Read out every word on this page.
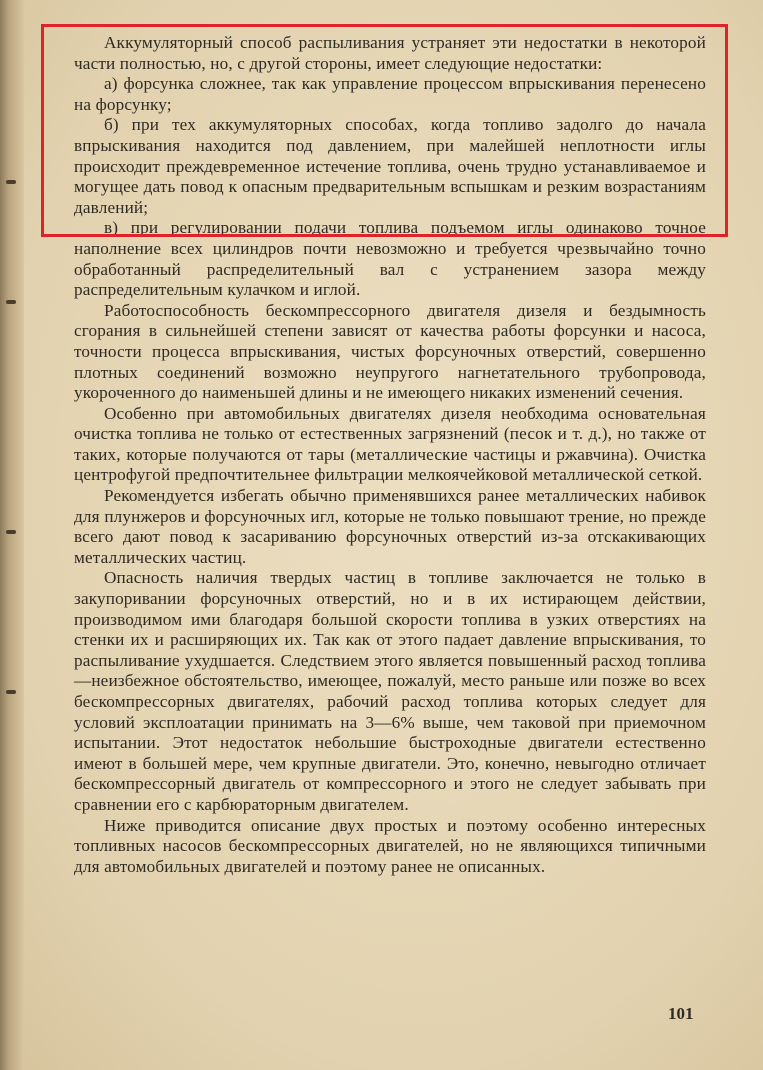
Аккумуляторный способ распыливания устраняет эти недостатки в некоторой части полностью, но, с другой стороны, имеет следующие недостатки:

а) форсунка сложнее, так как управление процессом впрыскивания перенесено на форсунку;

б) при тех аккумуляторных способах, когда топливо задолго до начала впрыскивания находится под давлением, при малейшей неплотности иглы происходит преждевременное истечение топлива, очень трудно устанавливаемое и могущее дать повод к опасным предварительным вспышкам и резким возрастаниям давлений;

в) при регулировании подачи топлива подъемом иглы одинаково точное наполнение всех цилиндров почти невозможно и требуется чрезвычайно точно обработанный распределительный вал с устранением зазора между распределительным кулачком и иглой.

Работоспособность бескомпрессорного двигателя дизеля и бездымность сгорания в сильнейшей степени зависят от качества работы форсунки и насоса, точности процесса впрыскивания, чистых форсуночных отверстий, совершенно плотных соединений возможно неупругого нагнетательного трубопровода, укороченного до наименьшей длины и не имеющего никаких изменений сечения.

Особенно при автомобильных двигателях дизеля необходима основательная очистка топлива не только от естественных загрязнений (песок и т. д.), но также от таких, которые получаются от тары (металлические частицы и ржавчина). Очистка центрофугой предпочтительнее фильтрации мелкоячейковой металлической сеткой.

Рекомендуется избегать обычно применявшихся ранее металлических набивок для плунжеров и форсуночных игл, которые не только повышают трение, но прежде всего дают повод к засариванию форсуночных отверстий из-за отскакивающих металлических частиц.

Опасность наличия твердых частиц в топливе заключается не только в закупоривании форсуночных отверстий, но и в их истирающем действии, производимом ими благодаря большой скорости топлива в узких отверстиях на стенки их и расширяющих их. Так как от этого падает давление впрыскивания, то распыливание ухудшается. Следствием этого является повышенный расход топлива—неизбежное обстоятельство, имеющее, пожалуй, место раньше или позже во всех бескомпрессорных двигателях, рабочий расход топлива которых следует для условий эксплоатации принимать на 3—6% выше, чем таковой при приемочном испытании. Этот недостаток небольшие быстроходные двигатели естественно имеют в большей мере, чем крупные двигатели. Это, конечно, невыгодно отличает бескомпрессорный двигатель от компрессорного и этого не следует забывать при сравнении его с карбюраторным двигателем.

Ниже приводится описание двух простых и поэтому особенно интересных топливных насосов бескомпрессорных двигателей, но не являющихся типичными для автомобильных двигателей и поэтому ранее не описанных.

101
